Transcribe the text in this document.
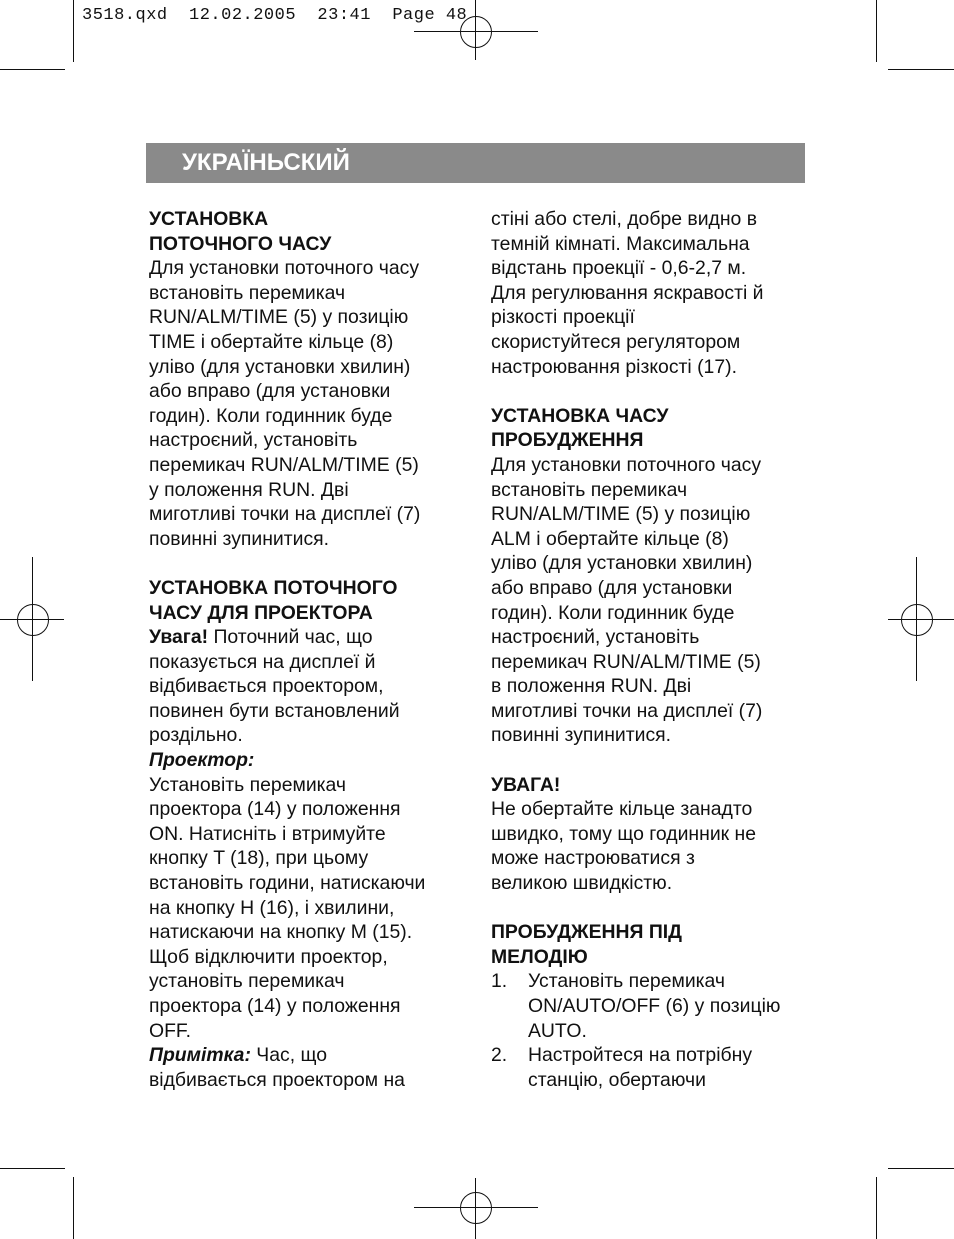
3518.qxd  12.02.2005  23:41  Page 48
УКРАЇНЬСКИЙ

УСТАНОВКА

ПОТОЧНОГО ЧАСУ

Для установки поточного часу

встановіть перемикач

RUN/ALM/TIME (5) у позицію

TIME і обертайте кільце (8)

уліво (для установки хвилин)

або вправо (для установки

годин). Коли годинник буде

настроєний, установіть

перемикач RUN/ALM/TIME (5)

у положення RUN. Дві

миготливі точки на дисплеї (7)

повинні зупинитися.

УСТАНОВКА ПОТОЧНОГО

ЧАСУ ДЛЯ ПРОЕКТОРА

Увага! Поточний час, що

показується на дисплеї й

відбивається проектором,

повинен бути встановлений

роздільно.

Проектор:

Установіть перемикач

проектора (14) у положення

ON. Натисніть і втримуйте

кнопку T (18), при цьому

встановіть години, натискаючи

на кнопку H (16), і хвилини,

натискаючи на кнопку M (15).

Щоб відключити проектор,

установіть перемикач

проектора (14) у положення

OFF.

Примітка: Час, що

відбивається проектором на

стіні або стелі, добре видно в

темній кімнаті. Максимальна

відстань проекції - 0,6-2,7 м.

Для регулювання яскравості й

різкості проекції

скористуйтеся регулятором

настроювання різкості (17).

УСТАНОВКА ЧАСУ

ПРОБУДЖЕННЯ

Для установки поточного часу

встановіть перемикач

RUN/ALM/TIME (5) у позицію

ALM і обертайте кільце (8)

уліво (для установки хвилин)

або вправо (для установки

годин). Коли годинник буде

настроєний, установіть

перемикач RUN/ALM/TIME (5)

в положення RUN. Дві

миготливі точки на дисплеї (7)

повинні зупинитися.

УВАГА!

Не обертайте кільце занадто

швидко, тому що годинник не

може настроюватися з

великою швидкістю.

ПРОБУДЖЕННЯ ПІД

МЕЛОДІЮ

1.	Установіть перемикач

ON/AUTO/OFF (6) у позицію

AUTO.

2.	Настройтеся на потрібну

станцію, обертаючи
